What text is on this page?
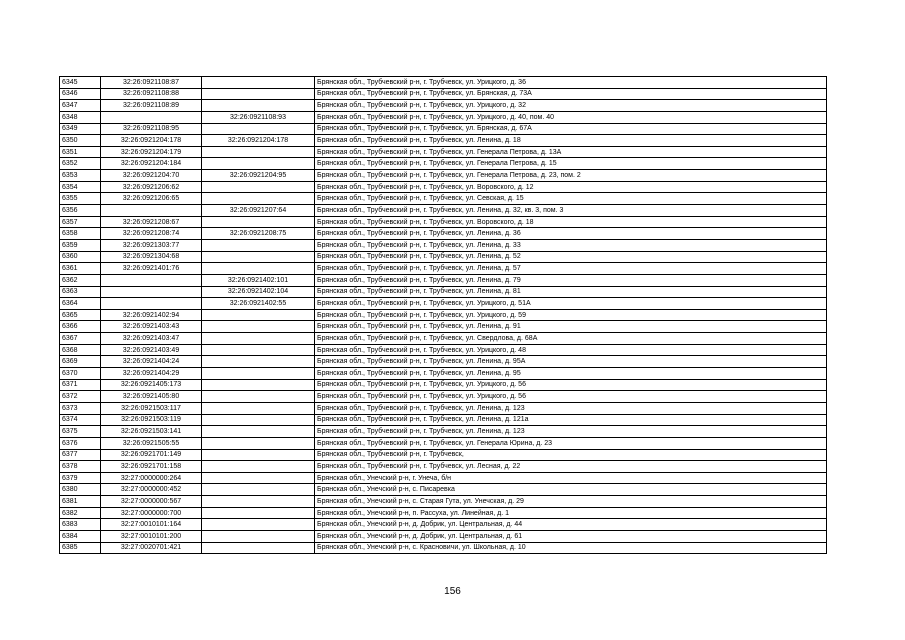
6345	32:26:0921108:87		Брянская обл., Трубчевский р-н, г. Трубчевск, ул. Урицкого, д. 36
6346	32:26:0921108:88		Брянская обл., Трубчевский р-н, г. Трубчевск, ул. Брянская, д. 73А
6347	32:26:0921108:89		Брянская обл., Трубчевский р-н, г. Трубчевск, ул. Урицкого, д. 32
6348		32:26:0921108:93	Брянская обл., Трубчевский р-н, г. Трубчевск, ул. Урицкого, д. 40, пом. 40
6349	32:26:0921108:95		Брянская обл., Трубчевский р-н, г. Трубчевск, ул. Брянская, д. 67А
6350	32:26:0921204:178	32:26:0921204:178	Брянская обл., Трубчевский р-н, г. Трубчевск, ул. Ленина, д. 18
6351	32:26:0921204:179		Брянская обл., Трубчевский р-н, г. Трубчевск, ул. Генерала Петрова, д. 13А
6352	32:26:0921204:184		Брянская обл., Трубчевский р-н, г. Трубчевск, ул. Генерала Петрова, д. 15
6353	32:26:0921204:70	32:26:0921204:95	Брянская обл., Трубчевский р-н, г. Трубчевск, ул. Генерала Петрова, д. 23, пом. 2
6354	32:26:0921206:62		Брянская обл., Трубчевский р-н, г. Трубчевск, ул. Воровского, д. 12
6355	32:26:0921206:65		Брянская обл., Трубчевский р-н, г. Трубчевск, ул. Севская, д. 15
6356		32:26:0921207:64	Брянская обл., Трубчевский р-н, г. Трубчевск, ул. Ленина, д. 32, кв. 3, пом. 3
6357	32:26:0921208:67		Брянская обл., Трубчевский р-н, г. Трубчевск, ул. Воровского, д. 18
6358	32:26:0921208:74	32:26:0921208:75	Брянская обл., Трубчевский р-н, г. Трубчевск, ул. Ленина, д. 36
6359	32:26:0921303:77		Брянская обл., Трубчевский р-н, г. Трубчевск, ул. Ленина, д. 33
6360	32:26:0921304:68		Брянская обл., Трубчевский р-н, г. Трубчевск, ул. Ленина, д. 52
6361	32:26:0921401:76		Брянская обл., Трубчевский р-н, г. Трубчевск, ул. Ленина, д. 57
6362		32:26:0921402:101	Брянская обл., Трубчевский р-н, г. Трубчевск, ул. Ленина, д. 79
6363		32:26:0921402:104	Брянская обл., Трубчевский р-н, г. Трубчевск, ул. Ленина, д. 81
6364		32:26:0921402:55	Брянская обл., Трубчевский р-н, г. Трубчевск, ул. Урицкого, д. 51А
6365	32:26:0921402:94		Брянская обл., Трубчевский р-н, г. Трубчевск, ул. Урицкого, д. 59
6366	32:26:0921403:43		Брянская обл., Трубчевский р-н, г. Трубчевск, ул. Ленина, д. 91
6367	32:26:0921403:47		Брянская обл., Трубчевский р-н, г. Трубчевск, ул. Свердлова, д. 68А
6368	32:26:0921403:49		Брянская обл., Трубчевский р-н, г. Трубчевск, ул. Урицкого, д. 48
6369	32:26:0921404:24		Брянская обл., Трубчевский р-н, г. Трубчевск, ул. Ленина, д. 95А
6370	32:26:0921404:29		Брянская обл., Трубчевский р-н, г. Трубчевск, ул. Ленина, д. 95
6371	32:26:0921405:173		Брянская обл., Трубчевский р-н, г. Трубчевск, ул. Урицкого, д. 56
6372	32:26:0921405:80		Брянская обл., Трубчевский р-н, г. Трубчевск, ул. Урицкого, д. 56
6373	32:26:0921503:117		Брянская обл., Трубчевский р-н, г. Трубчевск, ул. Ленина, д. 123
6374	32:26:0921503:119		Брянская обл., Трубчевский р-н, г. Трубчевск, ул. Ленина, д. 121а
6375	32:26:0921503:141		Брянская обл., Трубчевский р-н, г. Трубчевск, ул. Ленина, д. 123
6376	32:26:0921505:55		Брянская обл., Трубчевский р-н, г. Трубчевск, ул. Генерала Юрина, д. 23
6377	32:26:0921701:149		Брянская обл., Трубчевский р-н, г. Трубчевск,
6378	32:26:0921701:158		Брянская обл., Трубчевский р-н, г. Трубчевск, ул. Лесная, д. 22
6379	32:27:0000000:264		Брянская обл., Унечский р-н, г. Унеча, б/н
6380	32:27:0000000:452		Брянская обл., Унечский р-н, с. Писаревка
6381	32:27:0000000:567		Брянская обл., Унечский р-н, с. Старая Гута, ул. Унечская, д. 29
6382	32:27:0000000:700		Брянская обл., Унечский р-н, п. Рассуха, ул. Линейная, д. 1
6383	32:27:0010101:164		Брянская обл., Унечский р-н, д. Добрик, ул. Центральная, д. 44
6384	32:27:0010101:200		Брянская обл., Унечский р-н, д. Добрик, ул. Центральная, д. 61
6385	32:27:0020701:421		Брянская обл., Унечский р-н, с. Красновичи, ул. Школьная, д. 10
156
